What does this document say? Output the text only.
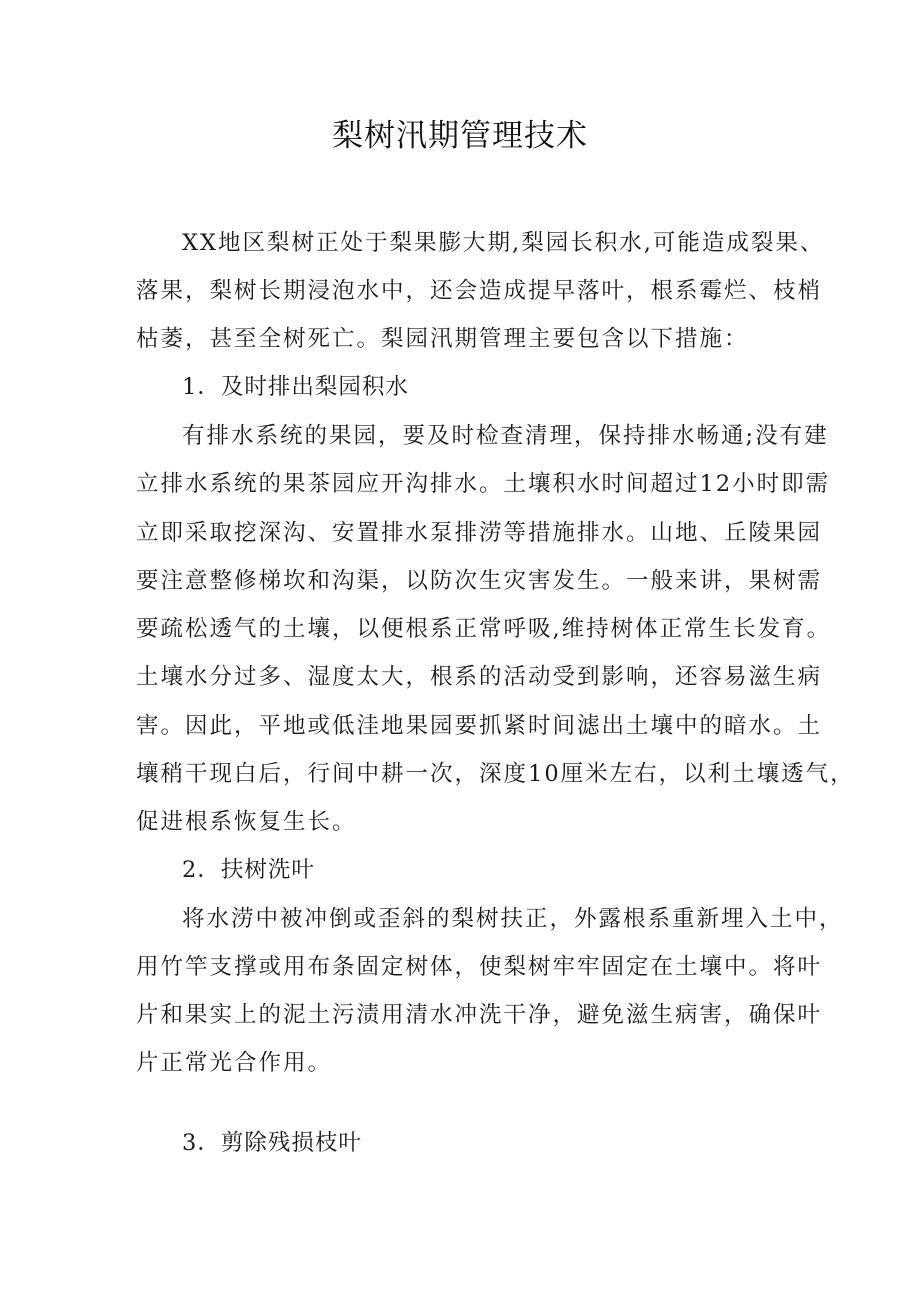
梨树汛期管理技术
XX地区梨树正处于梨果膨大期,梨园长积水,可能造成裂果、
落果，梨树长期浸泡水中，还会造成提早落叶，根系霉烂、枝梢
枯萎，甚至全树死亡。梨园汛期管理主要包含以下措施：
1．及时排出梨园积水
有排水系统的果园，要及时检查清理，保持排水畅通;没有建
立排水系统的果茶园应开沟排水。土壤积水时间超过12小时即需
立即采取挖深沟、安置排水泵排涝等措施排水。山地、丘陵果园
要注意整修梯坎和沟渠，以防次生灾害发生。一般来讲，果树需
要疏松透气的土壤，以便根系正常呼吸,维持树体正常生长发育。
土壤水分过多、湿度太大，根系的活动受到影响，还容易滋生病
害。因此，平地或低洼地果园要抓紧时间滤出土壤中的暗水。土
壤稍干现白后，行间中耕一次，深度10厘米左右，以利土壤透气，
促进根系恢复生长。
2．扶树洗叶
将水涝中被冲倒或歪斜的梨树扶正，外露根系重新埋入土中，
用竹竿支撑或用布条固定树体，使梨树牢牢固定在土壤中。将叶
片和果实上的泥土污渍用清水冲洗干净，避免滋生病害，确保叶
片正常光合作用。
3．剪除残损枝叶
